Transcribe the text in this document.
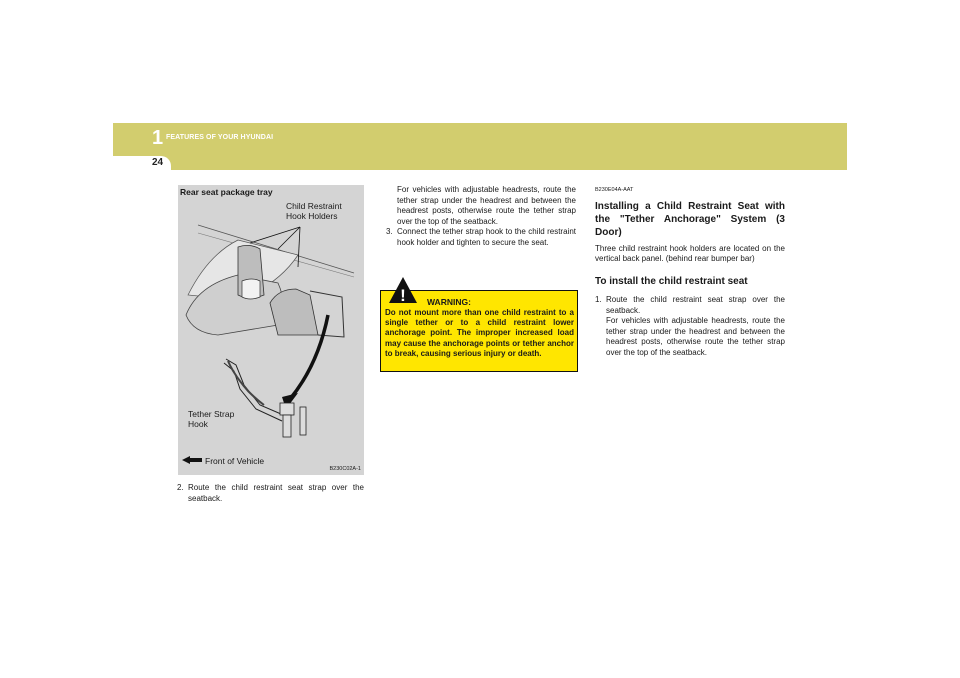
1 FEATURES OF YOUR HYUNDAI
24
Rear seat package tray
Child Restraint Hook Holders
Tether Strap Hook
Front of Vehicle
B230C02A-1
2. Route the child restraint seat strap over the seatback.
For vehicles with adjustable headrests, route the tether strap under the headrest and between the headrest posts, otherwise route the tether strap over the top of the seatback.
3. Connect the tether strap hook to the child restraint hook holder and tighten to secure the seat.
WARNING:
Do not mount more than one child restraint to a single tether or to a child restraint lower anchorage point. The improper increased load may cause the anchorage points or tether anchor to break, causing serious injury or death.
!
B230E04A-AAT
Installing a Child Restraint Seat with the "Tether Anchorage" System (3 Door)
Three child restraint hook holders are located on the vertical back panel. (behind rear bumper bar)
To install the child restraint seat
1. Route the child restraint seat strap over the seatback.
For vehicles with adjustable headrests, route the tether strap under the headrest and between the headrest posts, otherwise route the tether strap over the top of the seatback.
